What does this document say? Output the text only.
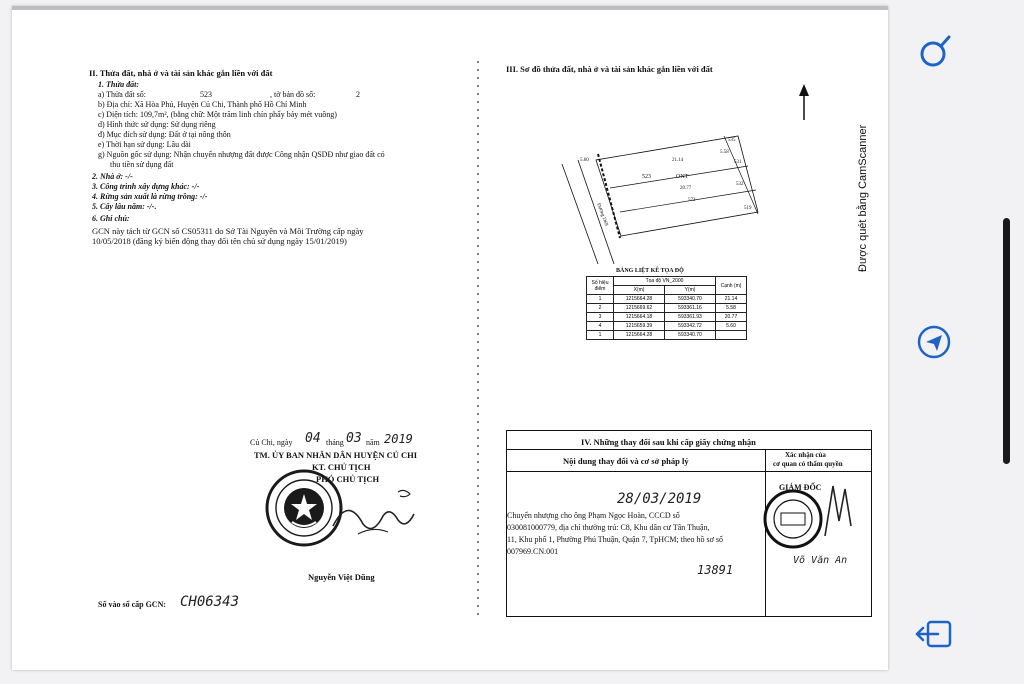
II. Thửa đất, nhà ở và tài sản khác gắn liền với đất
1. Thửa đất:
a) Thửa đất số:	523	, tờ bản đồ số:	2
b) Địa chỉ: Xã Hòa Phú, Huyện Củ Chi, Thành phố Hồ Chí Minh
c) Diện tích: 109,7m², (bằng chữ: Một trăm linh chín phẩy bảy mét vuông)
d) Hình thức sử dụng: Sử dụng riêng
đ) Mục đích sử dụng: Đất ở tại nông thôn
e) Thời hạn sử dụng: Lâu dài
g) Nguồn gốc sử dụng: Nhận chuyển nhượng đất được Công nhận QSDĐ như giao đất có
thu tiền sử dụng đất
2. Nhà ở: -/-
3. Công trình xây dựng khác: -/-
4. Rừng sản xuất là rừng trồng: -/-
5. Cây lâu năm: -/-.
6. Ghi chú:
GCN này tách từ GCN số CS05311 do Sở Tài Nguyên và Môi Trường cấp ngày
10/05/2018 (đăng ký biến động thay đổi tên chủ sử dụng ngày 15/01/2019)
Củ Chi, ngày 04 tháng 03 năm 2019
TM. ỦY BAN NHÂN DÂN HUYỆN CỦ CHI
KT. CHỦ TỊCH
PHÓ CHỦ TỊCH
Nguyễn Việt Dũng
Số vào sổ cấp GCN: CH06343
III. Sơ đồ thửa đất, nhà ở và tài sản khác gắn liền với đất
523	ONT
535
531
532
573
519
21.14
5.58
20.77
5.60
Đường D69
BẢNG LIỆT KÊ TỌA ĐỘ
Số hiệu điểm	Tọa độ VN_2000		Cạnh (m)
	X(m)	Y(m)	
1	1215664.28	593340.70	21.14
2	1215669.62	593361.16	5.58
3	1215664.18	593361.93	20.77
4	1215659.39	593342.72	5.60
1	1215664.28	593340.70	
IV. Những thay đổi sau khi cấp giấy chứng nhận
Nội dung thay đổi và cơ sở pháp lý
Xác nhận của
cơ quan có thẩm quyền
28/03/2019
Chuyển nhượng cho ông Phạm Ngọc Hoàn, CCCD số
030081000779, địa chỉ thường trú: C8, Khu dân cư Tân Thuận,
11, Khu phố 1, Phường Phú Thuận, Quận 7, TpHCM; theo hồ sơ số
007969.CN.001
13891
GIÁM ĐỐC
Võ Văn An
Được quét bằng CamScanner
